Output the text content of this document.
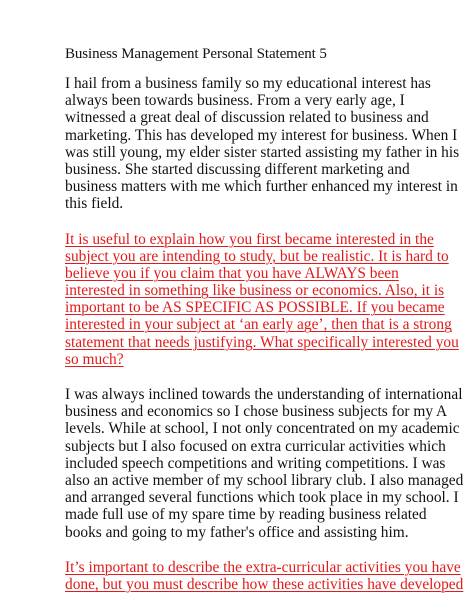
Business Management Personal Statement 5
I hail from a business family so my educational interest has
always been towards business. From a very early age, I
witnessed a great deal of discussion related to business and
marketing. This has developed my interest for business. When I
was still young, my elder sister started assisting my father in his
business. She started discussing different marketing and
business matters with me which further enhanced my interest in
this field.
It is useful to explain how you first became interested in the
subject you are intending to study, but be realistic. It is hard to
believe you if you claim that you have ALWAYS been
interested in something like business or economics. Also, it is
important to be AS SPECIFIC AS POSSIBLE. If you became
interested in your subject at ‘an early age’, then that is a strong
statement that needs justifying. What specifically interested you
so much?
I was always inclined towards the understanding of international
business and economics so I chose business subjects for my A
levels. While at school, I not only concentrated on my academic
subjects but I also focused on extra curricular activities which
included speech competitions and writing competitions. I was
also an active member of my school library club. I also managed
and arranged several functions which took place in my school. I
made full use of my spare time by reading business related
books and going to my father's office and assisting him.
It’s important to describe the extra-curricular activities you have
done, but you must describe how these activities have developed
